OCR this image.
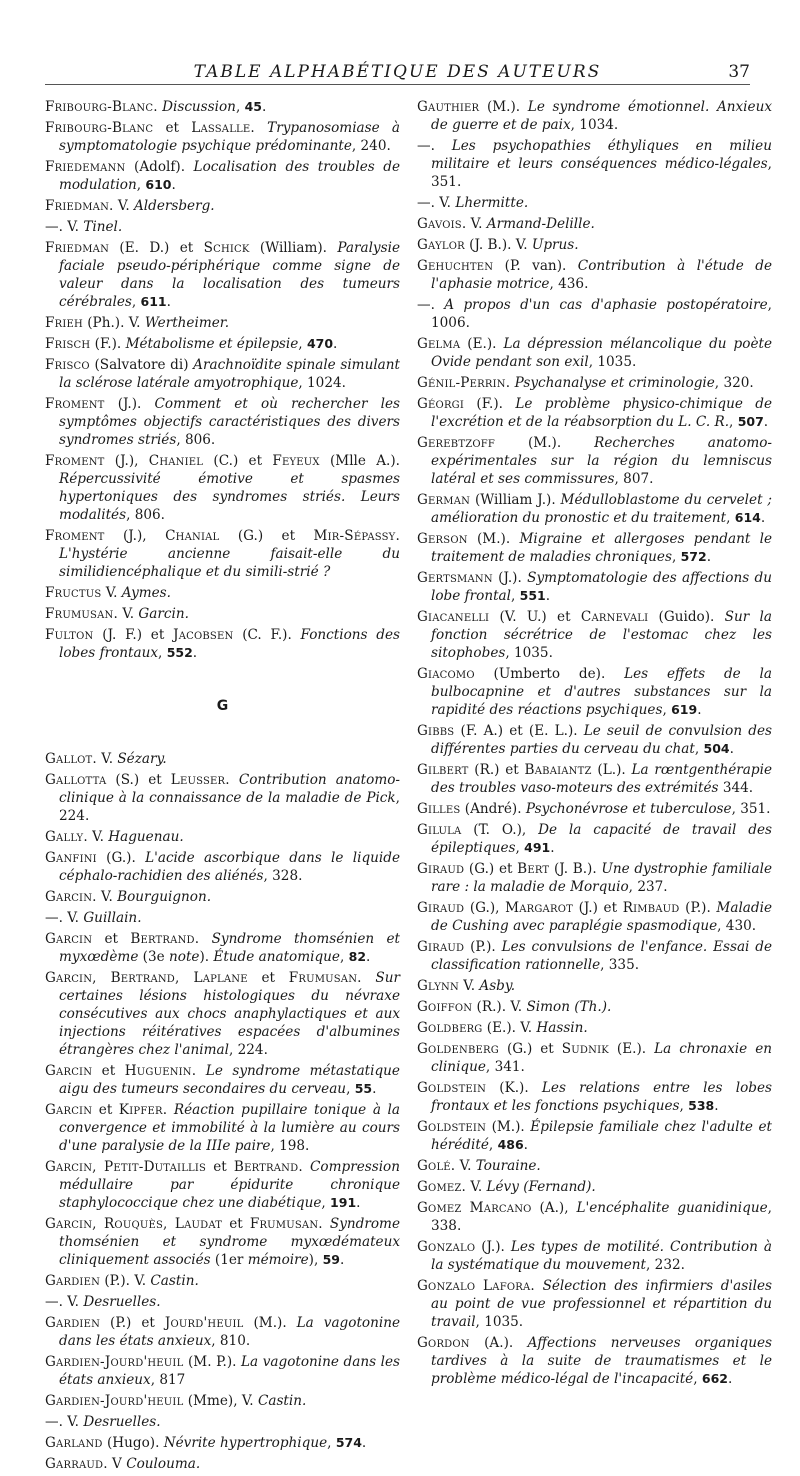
TABLE ALPHABÉTIQUE DES AUTEURS	37

Fribourg-Blanc. Discussion, 45.

Fribourg-Blanc et Lassalle. Trypanosomiase à symptomatologie psychique prédominante, 240.

Friedemann (Adolf). Localisation des troubles de modulation, 610.

Friedman. V. Aldersberg.

—. V. Tinel.

Friedman (E. D.) et Schick (William). Paralysie faciale pseudo-périphérique comme signe de valeur dans la localisation des tumeurs cérébrales, 611.

Frieh (Ph.). V. Wertheimer.

Frisch (F.). Métabolisme et épilepsie, 470.

Frisco (Salvatore di) Arachnoïdite spinale simulant la sclérose latérale amyotrophique, 1024.

Froment (J.). Comment et où rechercher les symptômes objectifs caractéristiques des divers syndromes striés, 806.

Froment (J.), Chaniel (C.) et Feyeux (Mlle A.). Répercussivité émotive et spasmes hypertoniques des syndromes striés. Leurs modalités, 806.

Froment (J.), Chanial (G.) et Mir-Sépassy. L'hystérie ancienne faisait-elle du similidiencéphalique et du simili-strié ?

Fructus V. Aymes.

Frumusan. V. Garcin.

Fulton (J. F.) et Jacobsen (C. F.). Fonctions des lobes frontaux, 552.

G

Gallot. V. Sézary.

Gallotta (S.) et Leusser. Contribution anatomo-clinique à la connaissance de la maladie de Pick, 224.

Gally. V. Haguenau.

Ganfini (G.). L'acide ascorbique dans le liquide céphalo-rachidien des aliénés, 328.

Garcin. V. Bourguignon.

—. V. Guillain.

Garcin et Bertrand. Syndrome thomsénien et myxœdème (3e note). Étude anatomique, 82.

Garcin, Bertrand, Laplane et Frumusan. Sur certaines lésions histologiques du névraxe consécutives aux chocs anaphylactiques et aux injections réitératives espacées d'albumines étrangères chez l'animal, 224.

Garcin et Huguenin. Le syndrome métastatique aigu des tumeurs secondaires du cerveau, 55.

Garcin et Kipfer. Réaction pupillaire tonique à la convergence et immobilité à la lumière au cours d'une paralysie de la IIIe paire, 198.

Garcin, Petit-Dutaillis et Bertrand. Compression médullaire par épidurite chronique staphylococcique chez une diabétique, 191.

Garcin, Rouquès, Laudat et Frumusan. Syndrome thomsénien et syndrome myxœdémateux cliniquement associés (1er mémoire), 59.

Gardien (P.). V. Castin.

—. V. Desruelles.

Gardien (P.) et Jourd'heuil (M.). La vagotonine dans les états anxieux, 810.

Gardien-Jourd'heuil (M. P.). La vagotonine dans les états anxieux, 817

Gardien-Jourd'heuil (Mme), V. Castin.

—. V. Desruelles.

Garland (Hugo). Névrite hypertrophique, 574.

Garraud. V Coulouma.

Gauthier (M.). Le syndrome émotionnel. Anxieux de guerre et de paix, 1034.

—. Les psychopathies éthyliques en milieu militaire et leurs conséquences médico-légales, 351.

—. V. Lhermitte.

Gavois. V. Armand-Delille.

Gaylor (J. B.). V. Uprus.

Gehuchten (P. van). Contribution à l'étude de l'aphasie motrice, 436.

—. A propos d'un cas d'aphasie postopératoire, 1006.

Gelma (E.). La dépression mélancolique du poète Ovide pendant son exil, 1035.

Génil-Perrin. Psychanalyse et criminologie, 320.

Géorgi (F.). Le problème physico-chimique de l'excrétion et de la réabsorption du L. C. R., 507.

Gerebtzoff (M.). Recherches anatomo-expérimentales sur la région du lemniscus latéral et ses commissures, 807.

German (William J.). Médulloblastome du cervelet ; amélioration du pronostic et du traitement, 614.

Gerson (M.). Migraine et allergoses pendant le traitement de maladies chroniques, 572.

Gertsmann (J.). Symptomatologie des affections du lobe frontal, 551.

Giacanelli (V. U.) et Carnevali (Guido). Sur la fonction sécrétrice de l'estomac chez les sitophobes, 1035.

Giacomo (Umberto de). Les effets de la bulbocapnine et d'autres substances sur la rapidité des réactions psychiques, 619.

Gibbs (F. A.) et (E. L.). Le seuil de convulsion des différentes parties du cerveau du chat, 504.

Gilbert (R.) et Babaiantz (L.). La rœntgenthérapie des troubles vaso-moteurs des extrémités 344.

Gilles (André). Psychonévrose et tuberculose, 351.

Gilula (T. O.), De la capacité de travail des épileptiques, 491.

Giraud (G.) et Bert (J. B.). Une dystrophie familiale rare : la maladie de Morquio, 237.

Giraud (G.), Margarot (J.) et Rimbaud (P.). Maladie de Cushing avec paraplégie spasmodique, 430.

Giraud (P.). Les convulsions de l'enfance. Essai de classification rationnelle, 335.

Glynn V. Asby.

Goiffon (R.). V. Simon (Th.).

Goldberg (E.). V. Hassin.

Goldenberg (G.) et Sudnik (E.). La chronaxie en clinique, 341.

Goldstein (K.). Les relations entre les lobes frontaux et les fonctions psychiques, 538.

Goldstein (M.). Épilepsie familiale chez l'adulte et hérédité, 486.

Golé. V. Touraine.

Gomez. V. Lévy (Fernand).

Gomez Marcano (A.), L'encéphalite guanidinique, 338.

Gonzalo (J.). Les types de motilité. Contribution à la systématique du mouvement, 232.

Gonzalo Lafora. Sélection des infirmiers d'asiles au point de vue professionnel et répartition du travail, 1035.

Gordon (A.). Affections nerveuses organiques tardives à la suite de traumatismes et le problème médico-légal de l'incapacité, 662.
